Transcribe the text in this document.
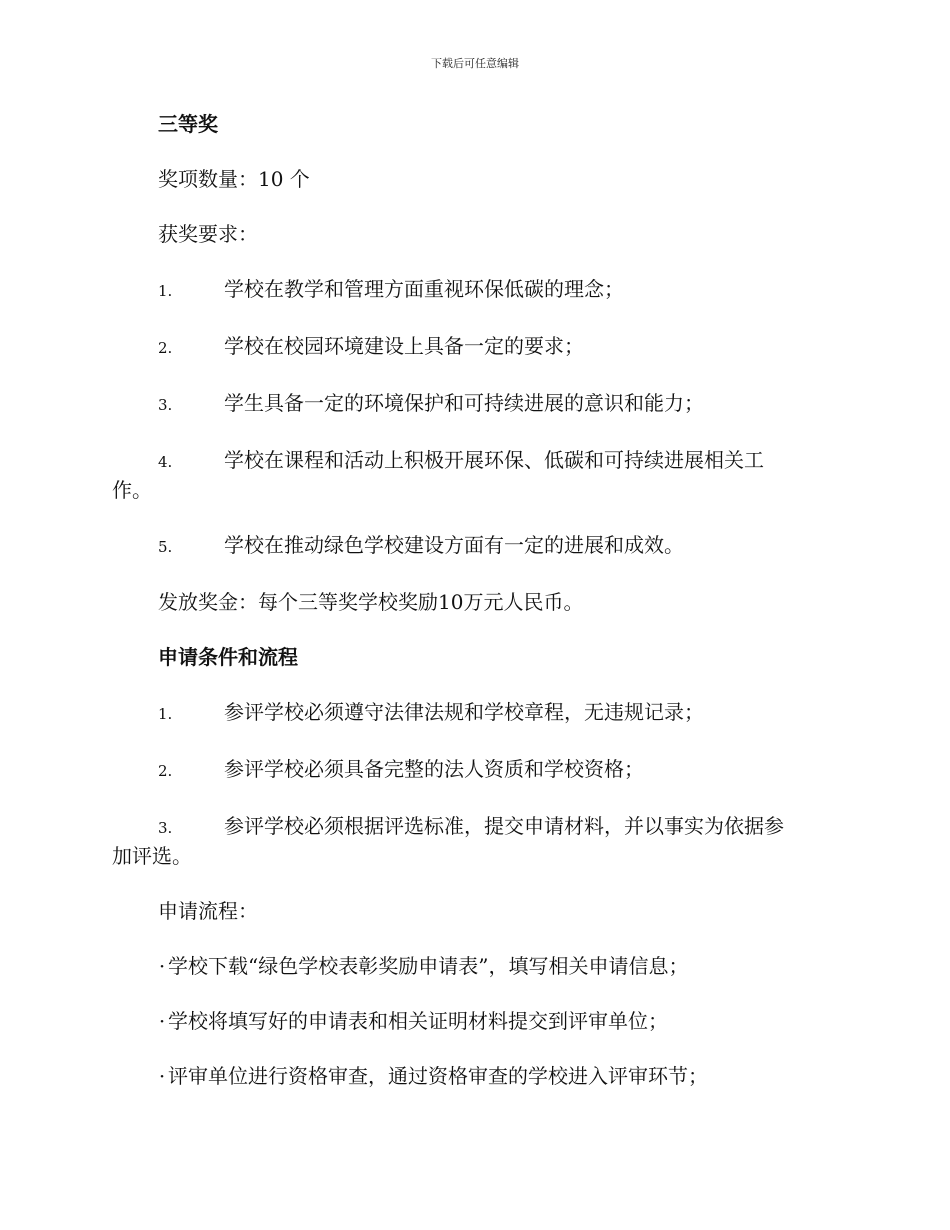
下载后可任意编辑
三等奖
奖项数量：10 个
获奖要求：
1.	学校在教学和管理方面重视环保低碳的理念；
2.	学校在校园环境建设上具备一定的要求；
3.	学生具备一定的环境保护和可持续进展的意识和能力；
4.	学校在课程和活动上积极开展环保、低碳和可持续进展相关工
作。
5.	学校在推动绿色学校建设方面有一定的进展和成效。
发放奖金：每个三等奖学校奖励10万元人民币。
申请条件和流程
1.	参评学校必须遵守法律法规和学校章程，无违规记录；
2.	参评学校必须具备完整的法人资质和学校资格；
3.	参评学校必须根据评选标准，提交申请材料，并以事实为依据参
加评选。
申请流程：
· 学校下载“绿色学校表彰奖励申请表”，填写相关申请信息；
· 学校将填写好的申请表和相关证明材料提交到评审单位；
· 评审单位进行资格审查，通过资格审查的学校进入评审环节；
